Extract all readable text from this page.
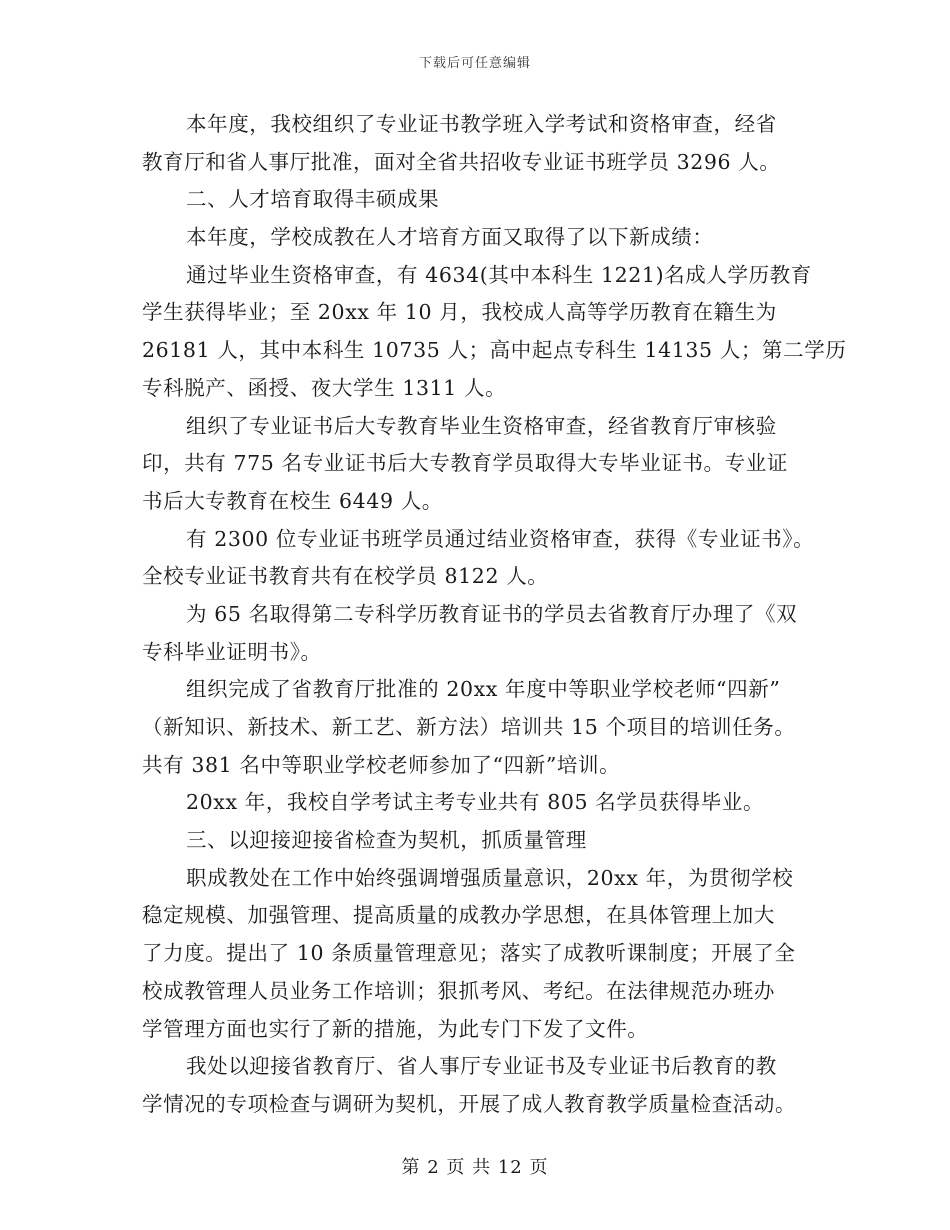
下载后可任意编辑
本年度，我校组织了专业证书教学班入学考试和资格审查，经省
教育厅和省人事厅批准，面对全省共招收专业证书班学员 3296 人。
二、人才培育取得丰硕成果
本年度，学校成教在人才培育方面又取得了以下新成绩：
通过毕业生资格审查，有 4634(其中本科生 1221)名成人学历教育
学生获得毕业；至 20xx 年 10 月，我校成人高等学历教育在籍生为
26181 人，其中本科生 10735 人；高中起点专科生 14135 人；第二学历
专科脱产、函授、夜大学生 1311 人。
组织了专业证书后大专教育毕业生资格审查，经省教育厅审核验
印，共有 775 名专业证书后大专教育学员取得大专毕业证书。专业证
书后大专教育在校生 6449 人。
有 2300 位专业证书班学员通过结业资格审查，获得《专业证书》。
全校专业证书教育共有在校学员 8122 人。
为 65 名取得第二专科学历教育证书的学员去省教育厅办理了《双
专科毕业证明书》。
组织完成了省教育厅批准的 20xx 年度中等职业学校老师“四新”
（新知识、新技术、新工艺、新方法）培训共 15 个项目的培训任务。
共有 381 名中等职业学校老师参加了“四新”培训。
20xx 年，我校自学考试主考专业共有 805 名学员获得毕业。
三、以迎接迎接省检查为契机，抓质量管理
职成教处在工作中始终强调增强质量意识，20xx 年，为贯彻学校
稳定规模、加强管理、提高质量的成教办学思想，在具体管理上加大
了力度。提出了 10 条质量管理意见；落实了成教听课制度；开展了全
校成教管理人员业务工作培训；狠抓考风、考纪。在法律规范办班办
学管理方面也实行了新的措施，为此专门下发了文件。
我处以迎接省教育厅、省人事厅专业证书及专业证书后教育的教
学情况的专项检查与调研为契机，开展了成人教育教学质量检查活动。
第 2 页 共 12 页
